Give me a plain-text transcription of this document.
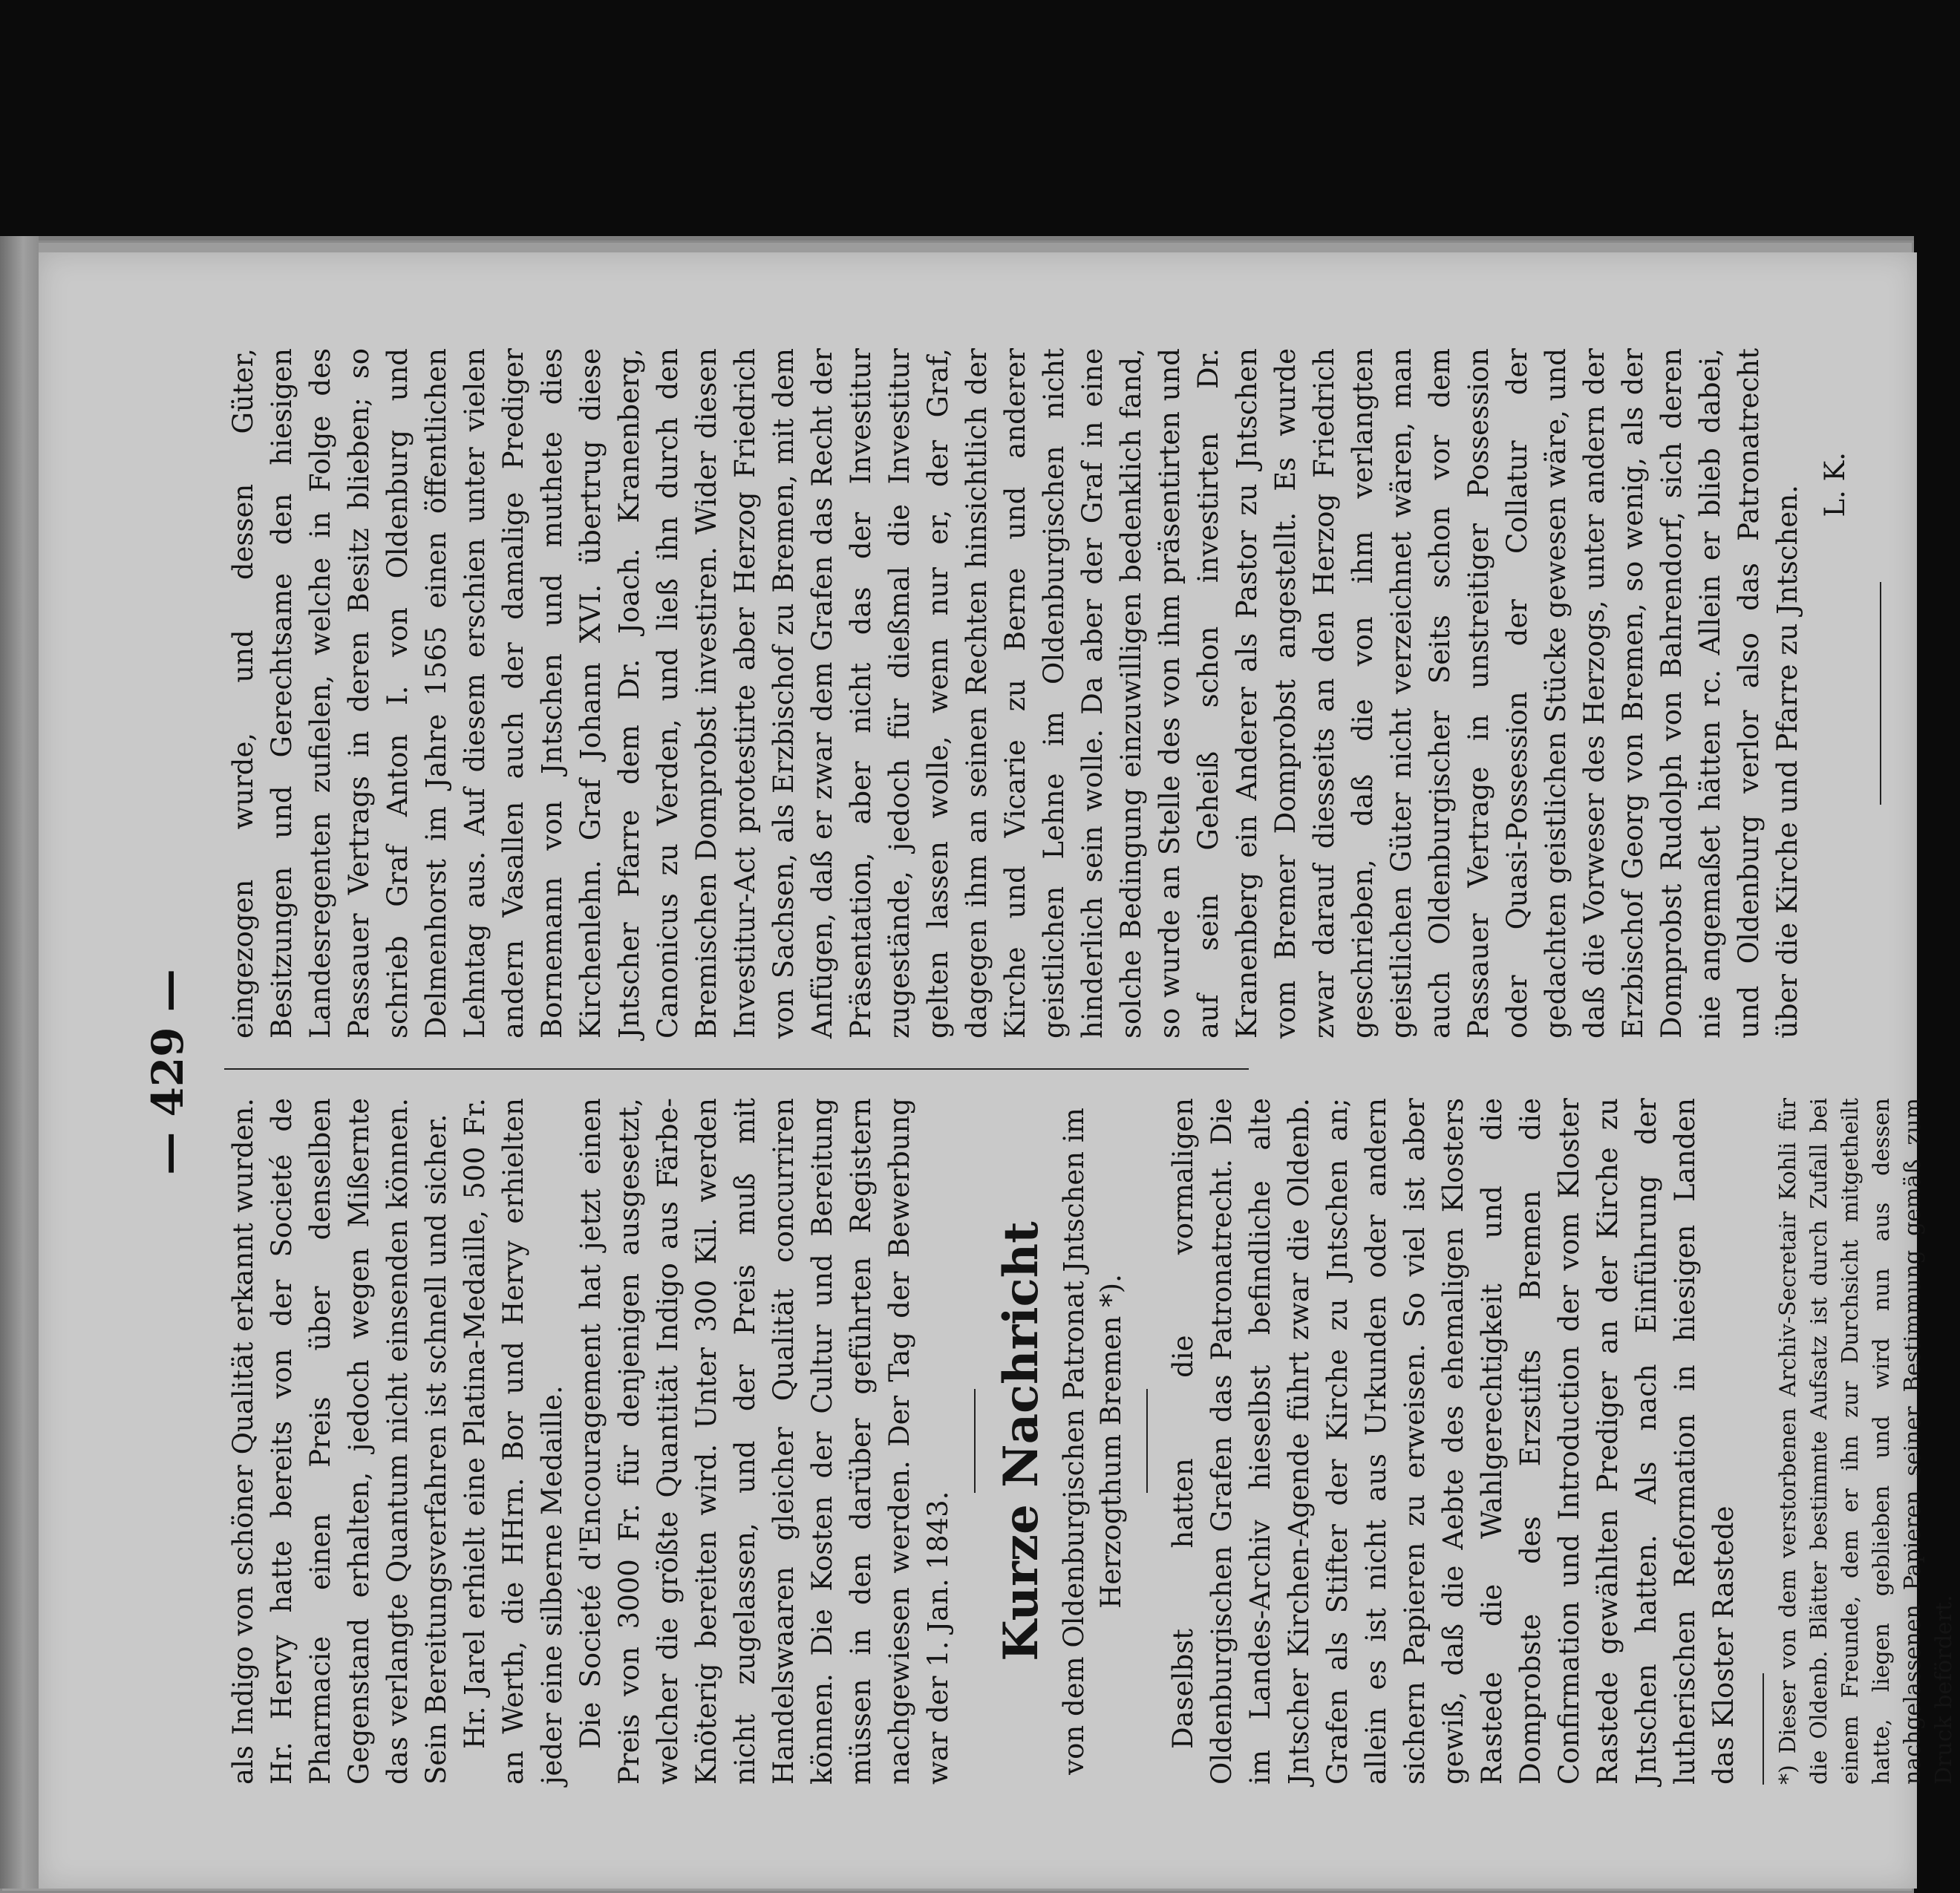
— 429 —

als Indigo von schöner Qualität erkannt wurden. Hr. Hervy hatte bereits von der Societé de Pharmacie einen Preis über denselben Gegenstand erhalten, jedoch wegen Mißernte das verlangte Quantum nicht einsenden können. Sein Bereitungsverfahren ist schnell und sicher. Hr. Jarel erhielt eine Platina-Medaille, 500 Fr. an Werth, die HHrn. Bor und Hervy erhielten jeder eine silberne Medaille. Die Societé d'Encouragement hat jetzt einen Preis von 3000 Fr. für denjenigen ausgesetzt, welcher die größte Quantität Indigo aus Färbe-Knöterig bereiten wird. Unter 300 Kil. werden nicht zugelassen, und der Preis muß mit Handelswaaren gleicher Qualität concurriren können. Die Kosten der Cultur und Bereitung müssen in den darüber geführten Registern nachgewiesen werden. Der Tag der Bewerbung war der 1. Jan. 1843. Kurze Nachricht von dem Oldenburgischen Patronat Jntschen im Herzogthum Bremen *). Daselbst hatten die vormaligen Oldenburgischen Grafen das Patronatrecht. Die im Landes-Archiv hieselbst befindliche alte Jntscher Kirchen-Agende führt zwar die Oldenb. Grafen als Stifter der Kirche zu Jntschen an; allein es ist nicht aus Urkunden oder andern sichern Papieren zu erweisen. So viel ist aber gewiß, daß die Aebte des ehemaligen Klosters Rastede die Wahlgerechtigkeit und die Domprobste des Erzstifts Bremen die Confirmation und Introduction der vom Kloster Rastede gewählten Prediger an der Kirche zu Jntschen hatten. Als nach Einführung der lutherischen Reformation in hiesigen Landen das Kloster Rastede *) Dieser von dem verstorbenen Archiv-Secretair Kohli für die Oldenb. Blätter bestimmte Aufsatz ist durch Zufall bei einem Freunde, dem er ihn zur Durchsicht mitgetheilt hatte, liegen geblieben und wird nun aus dessen nachgelassenen Papieren seiner Bestimmung gemäß zum Druck befördert.

eingezogen wurde, und dessen Güter, Besitzungen und Gerechtsame den hiesigen Landesregenten zufielen, welche in Folge des Passauer Vertrags in deren Besitz blieben; so schrieb Graf Anton I. von Oldenburg und Delmenhorst im Jahre 1565 einen öffentlichen Lehntag aus. Auf diesem erschien unter vielen andern Vasallen auch der damalige Prediger Bornemann von Jntschen und muthete dies Kirchenlehn. Graf Johann XVI. übertrug diese Jntscher Pfarre dem Dr. Joach. Kranenberg, Canonicus zu Verden, und ließ ihn durch den Bremischen Domprobst investiren. Wider diesen Investitur-Act protestirte aber Herzog Friedrich von Sachsen, als Erzbischof zu Bremen, mit dem Anfügen, daß er zwar dem Grafen das Recht der Präsentation, aber nicht das der Investitur zugestände, jedoch für dießmal die Investitur gelten lassen wolle, wenn nur er, der Graf, dagegen ihm an seinen Rechten hinsichtlich der Kirche und Vicarie zu Berne und anderer geistlichen Lehne im Oldenburgischen nicht hinderlich sein wolle. Da aber der Graf in eine solche Bedingung einzuwilligen bedenklich fand, so wurde an Stelle des von ihm präsentirten und auf sein Geheiß schon investirten Dr. Kranenberg ein Anderer als Pastor zu Jntschen vom Bremer Domprobst angestellt. Es wurde zwar darauf diesseits an den Herzog Friedrich geschrieben, daß die von ihm verlangten geistlichen Güter nicht verzeichnet wären, man auch Oldenburgischer Seits schon vor dem Passauer Vertrage in unstreitiger Possession oder Quasi-Possession der Collatur der gedachten geistlichen Stücke gewesen wäre, und daß die Vorweser des Herzogs, unter andern der Erzbischof Georg von Bremen, so wenig, als der Domprobst Rudolph von Bahrendorf, sich deren nie angemaßet hätten rc. Allein er blieb dabei, und Oldenburg verlor also das Patronatrecht über die Kirche und Pfarre zu Jntschen.

L. K.
